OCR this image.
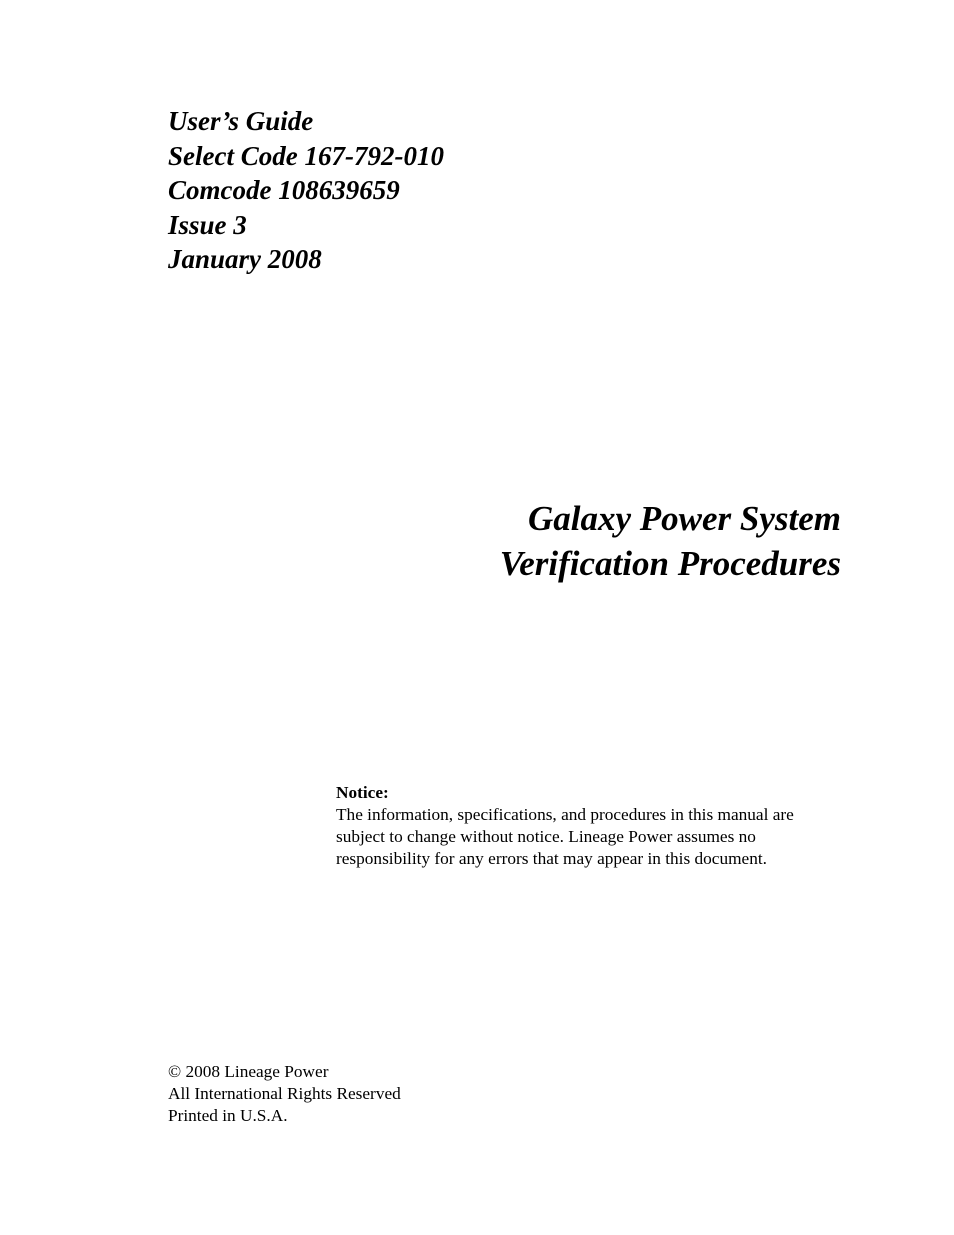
User’s Guide
Select Code 167-792-010
Comcode 108639659
Issue 3
January 2008
Galaxy Power System
Verification Procedures
Notice:
The information, specifications, and procedures in this manual are
subject to change without notice. Lineage Power assumes no
responsibility for any errors that may appear in this document.
© 2008 Lineage Power
All International Rights Reserved
Printed in U.S.A.
